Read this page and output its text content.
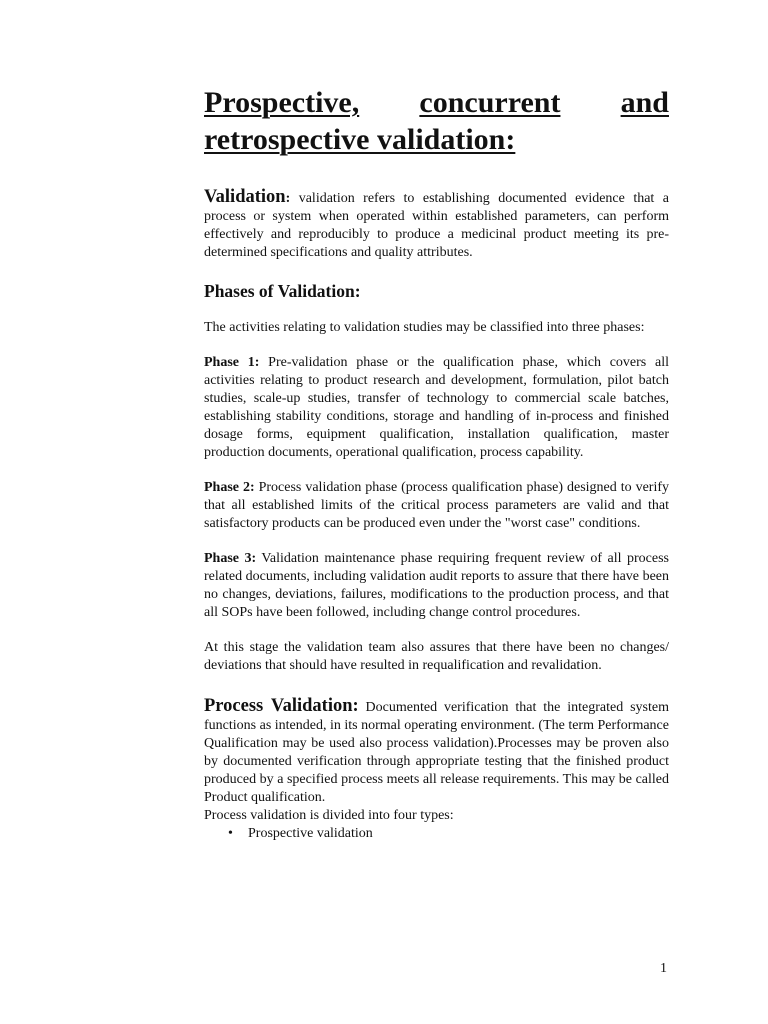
Prospective, concurrent and
retrospective validation:

Validation: validation refers to establishing documented evidence that a process or system when operated within established parameters, can perform effectively and reproducibly to produce a medicinal product meeting its pre-determined specifications and quality attributes.

Phases of Validation:

The activities relating to validation studies may be classified into three phases:

Phase 1: Pre-validation phase or the qualification phase, which covers all activities relating to product research and development, formulation, pilot batch studies, scale-up studies, transfer of technology to commercial scale batches, establishing stability conditions, storage and handling of in-process and finished dosage forms, equipment qualification, installation qualification, master production documents, operational qualification, process capability.

Phase 2: Process validation phase (process qualification phase) designed to verify that all established limits of the critical process parameters are valid and that satisfactory products can be produced even under the "worst case" conditions.

Phase 3: Validation maintenance phase requiring frequent review of all process related documents, including validation audit reports to assure that there have been no changes, deviations, failures, modifications to the production process, and that all SOPs have been followed, including change control procedures.

At this stage the validation team also assures that there have been no changes/ deviations that should have resulted in requalification and revalidation.

Process Validation: Documented verification that the integrated system functions as intended, in its normal operating environment. (The term Performance Qualification may be used also process validation).Processes may be proven also by documented verification through appropriate testing that the finished product produced by a specified process meets all release requirements. This may be called Product qualification.

Process validation is divided into four types:

• Prospective validation
1
